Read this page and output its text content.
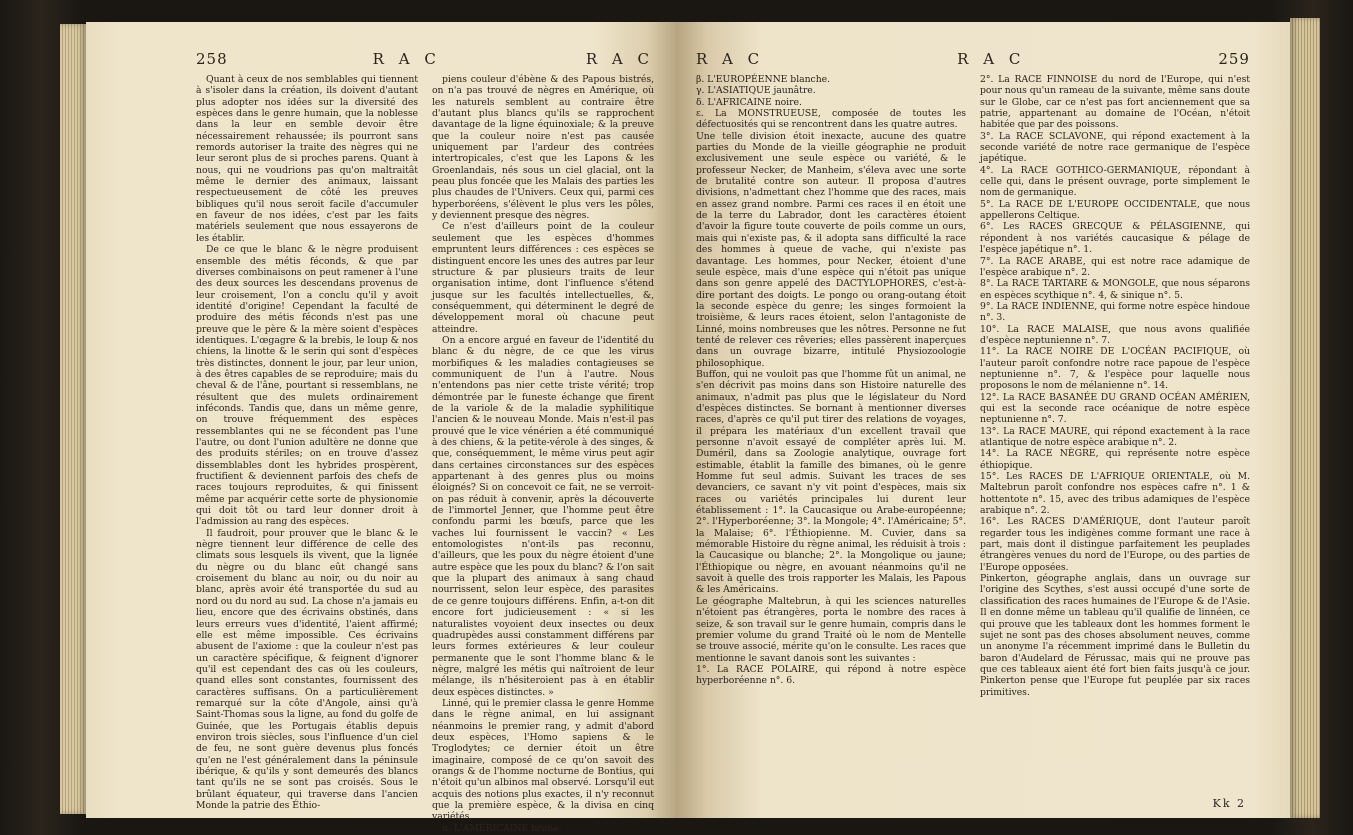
258	R A C	R A C

Quant à ceux de nos semblables qui tiennent à s'isoler dans la création, ils doivent d'autant plus adopter nos idées sur la diversité des espèces dans le genre humain, que la noblesse dans la leur en semble devoir être nécessairement rehaussée; ils pourront sans remords autoriser la traite des nègres qui ne leur seront plus de si proches parens. Quant à nous, qui ne voudrions pas qu'on maltraitât même le dernier des animaux, laissant respectueusement de côté les preuves bibliques qu'il nous seroit facile d'accumuler en faveur de nos idées, c'est par les faits matériels seulement que nous essayerons de les établir.

De ce que le blanc & le nègre produisent ensemble des métis féconds, & que par diverses combinaisons on peut ramener à l'une des deux sources les descendans provenus de leur croisement, l'on a conclu qu'il y avoit identité d'origine! Cependant la faculté de produire des métis féconds n'est pas une preuve que le père & la mère soient d'espèces identiques. L'œgagre & la brebis, le loup & nos chiens, la linotte & le serin qui sont d'espèces très distinctes, donnent le jour, par leur union, à des êtres capables de se reproduire; mais du cheval & de l'âne, pourtant si ressemblans, ne résultent que des mulets ordinairement inféconds. Tandis que, dans un même genre, on trouve fréquemment des espèces ressemblantes qui ne se fécondent pas l'une l'autre, ou dont l'union adultère ne donne que des produits stériles; on en trouve d'assez dissemblables dont les hybrides prospèrent, fructifient & deviennent parfois des chefs de races toujours reproduites, & qui finissent même par acquérir cette sorte de physionomie qui doit tôt ou tard leur donner droit à l'admission au rang des espèces.

Il faudroit, pour prouver que le blanc & le nègre tiennent leur différence de celle des climats sous lesquels ils vivent, que la lignée du nègre ou du blanc eût changé sans croisement du blanc au noir, ou du noir au blanc, après avoir été transportée du sud au nord ou du nord au sud. La chose n'a jamais eu lieu, encore que des écrivains obstinés, dans leurs erreurs vues d'identité, l'aient affirmé; elle est même impossible. Ces écrivains abusent de l'axiome : que la couleur n'est pas un caractère spécifique, & feignent d'ignorer qu'il est cependant des cas où les couleurs, quand elles sont constantes, fournissent des caractères suffisans. On a particulièrement remarqué sur la côte d'Angole, ainsi qu'à Saint-Thomas sous la ligne, au fond du golfe de Guinée, que les Portugais établis depuis environ trois siècles, sous l'influence d'un ciel de feu, ne sont guère devenus plus foncés qu'en ne l'est généralement dans la péninsule ibérique, & qu'ils y sont demeurés des blancs tant qu'ils ne se sont pas croisés. Sous le brûlant équateur, qui traverse dans l'ancien Monde la patrie des Éthio-

piens couleur d'ébène & des Papous bistrés, on n'a pas trouvé de nègres en Amérique, où les naturels semblent au contraire être d'autant plus blancs qu'ils se rapprochent davantage de la ligne équinoxiale; & la preuve que la couleur noire n'est pas causée uniquement par l'ardeur des contrées intertropicales, c'est que les Lapons & les Groenlandais, nés sous un ciel glacial, ont la peau plus foncée que les Malais des parties les plus chaudes de l'Univers. Ceux qui, parmi ces hyperboréens, s'élèvent le plus vers les pôles, y deviennent presque des nègres.

Ce n'est d'ailleurs point de la couleur seulement que les espèces d'hommes empruntent leurs différences : ces espèces se distinguent encore les unes des autres par leur structure & par plusieurs traits de leur organisation intime, dont l'influence s'étend jusque sur les facultés intellectuelles, &, conséquemment, qui déterminent le degré de développement moral où chacune peut atteindre.

On a encore argué en faveur de l'identité du blanc & du nègre, de ce que les virus morbifiques & les maladies contagieuses se communiquent de l'un à l'autre. Nous n'entendons pas nier cette triste vérité; trop démontrée par le funeste échange que firent de la variole & de la maladie syphilitique l'ancien & le nouveau Monde. Mais n'est-il pas prouvé que le vice vénérien a été communiqué à des chiens, & la petite-vérole à des singes, & que, conséquemment, le même virus peut agir dans certaines circonstances sur des espèces appartenant à des genres plus ou moins éloignés? Si on concevoit ce fait, ne se verroit-on pas réduit à convenir, après la découverte de l'immortel Jenner, que l'homme peut être confondu parmi les bœufs, parce que les vaches lui fournissent le vaccin? « Les entomologistes n'ont-ils pas reconnu, d'ailleurs, que les poux du nègre étoient d'une autre espèce que les poux du blanc? & l'on sait que la plupart des animaux à sang chaud nourrissent, selon leur espèce, des parasites de ce genre toujours différens. Enfin, a-t-on dit encore fort judicieusement : « si les naturalistes voyoient deux insectes ou deux quadrupèdes aussi constamment différens par leurs formes extérieures & leur couleur permanente que le sont l'homme blanc & le nègre, malgré les métis qui naîtroient de leur mélange, ils n'hésiteroient pas à en établir deux espèces distinctes. »

Linné, qui le premier classa le genre Homme dans le règne animal, en lui assignant néanmoins le premier rang, y admit d'abord deux espèces, l'Homo sapiens & le Troglodytes; ce dernier étoit un être imaginaire, composé de ce qu'on savoit des orangs & de l'homme nocturne de Bontius, qui n'étoit qu'un albinos mal observé. Lorsqu'il eut acquis des notions plus exactes, il n'y reconnut que la première espèce, & la divisa en cinq variétés,

α. L'AMÉRICAINE brune.

R A C	R A C	259

β. L'EUROPÉENNE blanche.

γ. L'ASIATIQUE jaunâtre.

δ. L'AFRICAINE noire.

ε. La MONSTRUEUSE, composée de toutes les défectuosités qui se rencontrent dans les quatre autres.

Une telle division étoit inexacte, aucune des quatre parties du Monde de la vieille géographie ne produit exclusivement une seule espèce ou variété, & le professeur Necker, de Manheim, s'éleva avec une sorte de brutalité contre son auteur. Il proposa d'autres divisions, n'admettant chez l'homme que des races, mais en assez grand nombre. Parmi ces races il en étoit une de la terre du Labrador, dont les caractères étoient d'avoir la figure toute couverte de poils comme un ours, mais qui n'existe pas, & il adopta sans difficulté la race des hommes à queue de vache, qui n'existe pas davantage. Les hommes, pour Necker, étoient d'une seule espèce, mais d'une espèce qui n'étoit pas unique dans son genre appelé des DACTYLOPHORES, c'est-à-dire portant des doigts. Le pongo ou orang-outang étoit la seconde espèce du genre; les singes formoient la troisième, & leurs races étoient, selon l'antagoniste de Linné, moins nombreuses que les nôtres. Personne ne fut tenté de relever ces rêveries; elles passèrent inaperçues dans un ouvrage bizarre, intitulé Physiozoologie philosophique.

Buffon, qui ne vouloit pas que l'homme fût un animal, ne s'en décrivit pas moins dans son Histoire naturelle des animaux, n'admit pas plus que le législateur du Nord d'espèces distinctes. Se bornant à mentionner diverses races, d'après ce qu'il put tirer des relations de voyages, il prépara les matériaux d'un excellent travail que personne n'avoit essayé de compléter après lui. M. Duméril, dans sa Zoologie analytique, ouvrage fort estimable, établit la famille des bimanes, où le genre Homme fut seul admis. Suivant les traces de ses devanciers, ce savant n'y vit point d'espèces, mais six races ou variétés principales lui durent leur établissement : 1°. la Caucasique ou Arabe-européenne; 2°. l'Hyperboréenne; 3°. la Mongole; 4°. l'Américaine; 5°. la Malaise; 6°. l'Éthiopienne. M. Cuvier, dans sa mémorable Histoire du règne animal, les réduisit à trois : la Caucasique ou blanche; 2°. la Mongolique ou jaune; l'Éthiopique ou nègre, en avouant néanmoins qu'il ne savoit à quelle des trois rapporter les Malais, les Papous & les Américains.

Le géographe Maltebrun, à qui les sciences naturelles n'étoient pas étrangères, porta le nombre des races à seize, & son travail sur le genre humain, compris dans le premier volume du grand Traité où le nom de Mentelle se trouve associé, mérite qu'on le consulte. Les races que mentionne le savant danois sont les suivantes :

1°. La RACE POLAIRE, qui répond à notre espèce hyperboréenne n°. 6.

2°. La RACE FINNOISE du nord de l'Europe, qui n'est pour nous qu'un rameau de la suivante, même sans doute sur le Globe, car ce n'est pas fort anciennement que sa patrie, appartenant au domaine de l'Océan, n'étoit habitée que par des poissons.

3°. La RACE SCLAVONE, qui répond exactement à la seconde variété de notre race germanique de l'espèce japétique.

4°. La RACE GOTHICO-GERMANIQUE, répondant à celle qui, dans le présent ouvrage, porte simplement le nom de germanique.

5°. La RACE DE L'EUROPE OCCIDENTALE, que nous appellerons Celtique.

6°. Les RACES GRECQUE & PÉLASGIENNE, qui répondent à nos variétés caucasique & pélage de l'espèce japétique n°. 1.

7°. La RACE ARABE, qui est notre race adamique de l'espèce arabique n°. 2.

8°. La RACE TARTARE & MONGOLE, que nous séparons en espèces scythique n°. 4, & sinique n°. 5.

9°. La RACE INDIENNE, qui forme notre espèce hindoue n°. 3.

10°. La RACE MALAISE, que nous avons qualifiée d'espèce neptunienne n°. 7.

11°. La RACE NOIRE DE L'OCÉAN PACIFIQUE, où l'auteur paroît confondre notre race papoue de l'espèce neptunienne n°. 7, & l'espèce pour laquelle nous proposons le nom de mélanienne n°. 14.

12°. La RACE BASANÉE DU GRAND OCÉAN AMÉRIEN, qui est la seconde race océanique de notre espèce neptunienne n°. 7.

13°. La RACE MAURE, qui répond exactement à la race atlantique de notre espèce arabique n°. 2.

14°. La RACE NÈGRE, qui représente notre espèce éthiopique.

15°. Les RACES DE L'AFRIQUE ORIENTALE, où M. Maltebrun paroît confondre nos espèces cafre n°. 1 & hottentote n°. 15, avec des tribus adamiques de l'espèce arabique n°. 2.

16°. Les RACES D'AMÉRIQUE, dont l'auteur paroît regarder tous les indigènes comme formant une race à part, mais dont il distingue parfaitement les peuplades étrangères venues du nord de l'Europe, ou des parties de l'Europe opposées.

Pinkerton, géographe anglais, dans un ouvrage sur l'origine des Scythes, s'est aussi occupé d'une sorte de classification des races humaines de l'Europe & de l'Asie. Il en donne même un tableau qu'il qualifie de linnéen, ce qui prouve que les tableaux dont les hommes forment le sujet ne sont pas des choses absolument neuves, comme un anonyme l'a récemment imprimé dans le Bulletin du baron d'Audelard de Férussac, mais qui ne prouve pas que ces tableaux aient été fort bien faits jusqu'à ce jour. Pinkerton pense que l'Europe fut peuplée par six races primitives.

Kk 2
